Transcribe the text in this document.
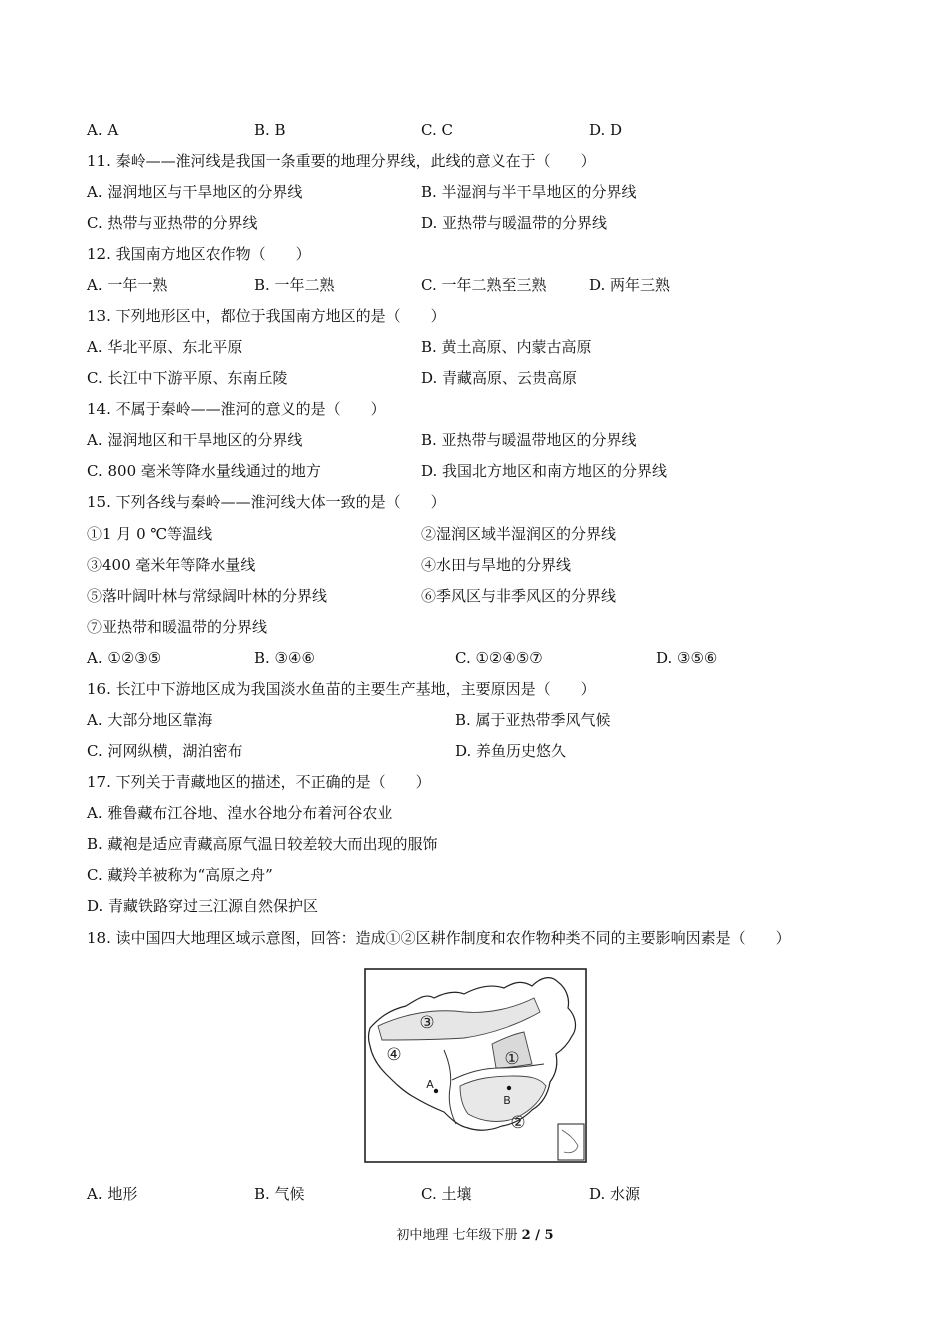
A. A	B. B	C. C	D. D
11. 秦岭——淮河线是我国一条重要的地理分界线，此线的意义在于（　　）
A. 湿润地区与干旱地区的分界线	B. 半湿润与半干旱地区的分界线
C. 热带与亚热带的分界线	D. 亚热带与暖温带的分界线
12. 我国南方地区农作物（　　）
A. 一年一熟	B. 一年二熟	C. 一年二熟至三熟	D. 两年三熟
13. 下列地形区中，都位于我国南方地区的是（　　）
A. 华北平原、东北平原	B. 黄土高原、内蒙古高原
C. 长江中下游平原、东南丘陵	D. 青藏高原、云贵高原
14. 不属于秦岭——淮河的意义的是（　　）
A. 湿润地区和干旱地区的分界线	B. 亚热带与暖温带地区的分界线
C. 800 毫米等降水量线通过的地方	D. 我国北方地区和南方地区的分界线
15. 下列各线与秦岭——淮河线大体一致的是（　　）
①1 月 0 ℃等温线	②湿润区域半湿润区的分界线
③400 毫米年等降水量线	④水田与旱地的分界线
⑤落叶阔叶林与常绿阔叶林的分界线	⑥季风区与非季风区的分界线
⑦亚热带和暖温带的分界线
A. ①②③⑤	B. ③④⑥	C. ①②④⑤⑦	D. ③⑤⑥
16. 长江中下游地区成为我国淡水鱼苗的主要生产基地，主要原因是（　　）
A. 大部分地区靠海	B. 属于亚热带季风气候
C. 河网纵横，湖泊密布	D. 养鱼历史悠久
17. 下列关于青藏地区的描述，不正确的是（　　）
A. 雅鲁藏布江谷地、湟水谷地分布着河谷农业
B. 藏袍是适应青藏高原气温日较差较大而出现的服饰
C. 藏羚羊被称为“高原之舟”
D. 青藏铁路穿过三江源自然保护区
18. 读中国四大地理区域示意图，回答：造成①②区耕作制度和农作物种类不同的主要影响因素是（　　）
③
④	①
②
A
B
A. 地形	B. 气候	C. 土壤	D. 水源
初中地理 七年级下册 2 / 5
